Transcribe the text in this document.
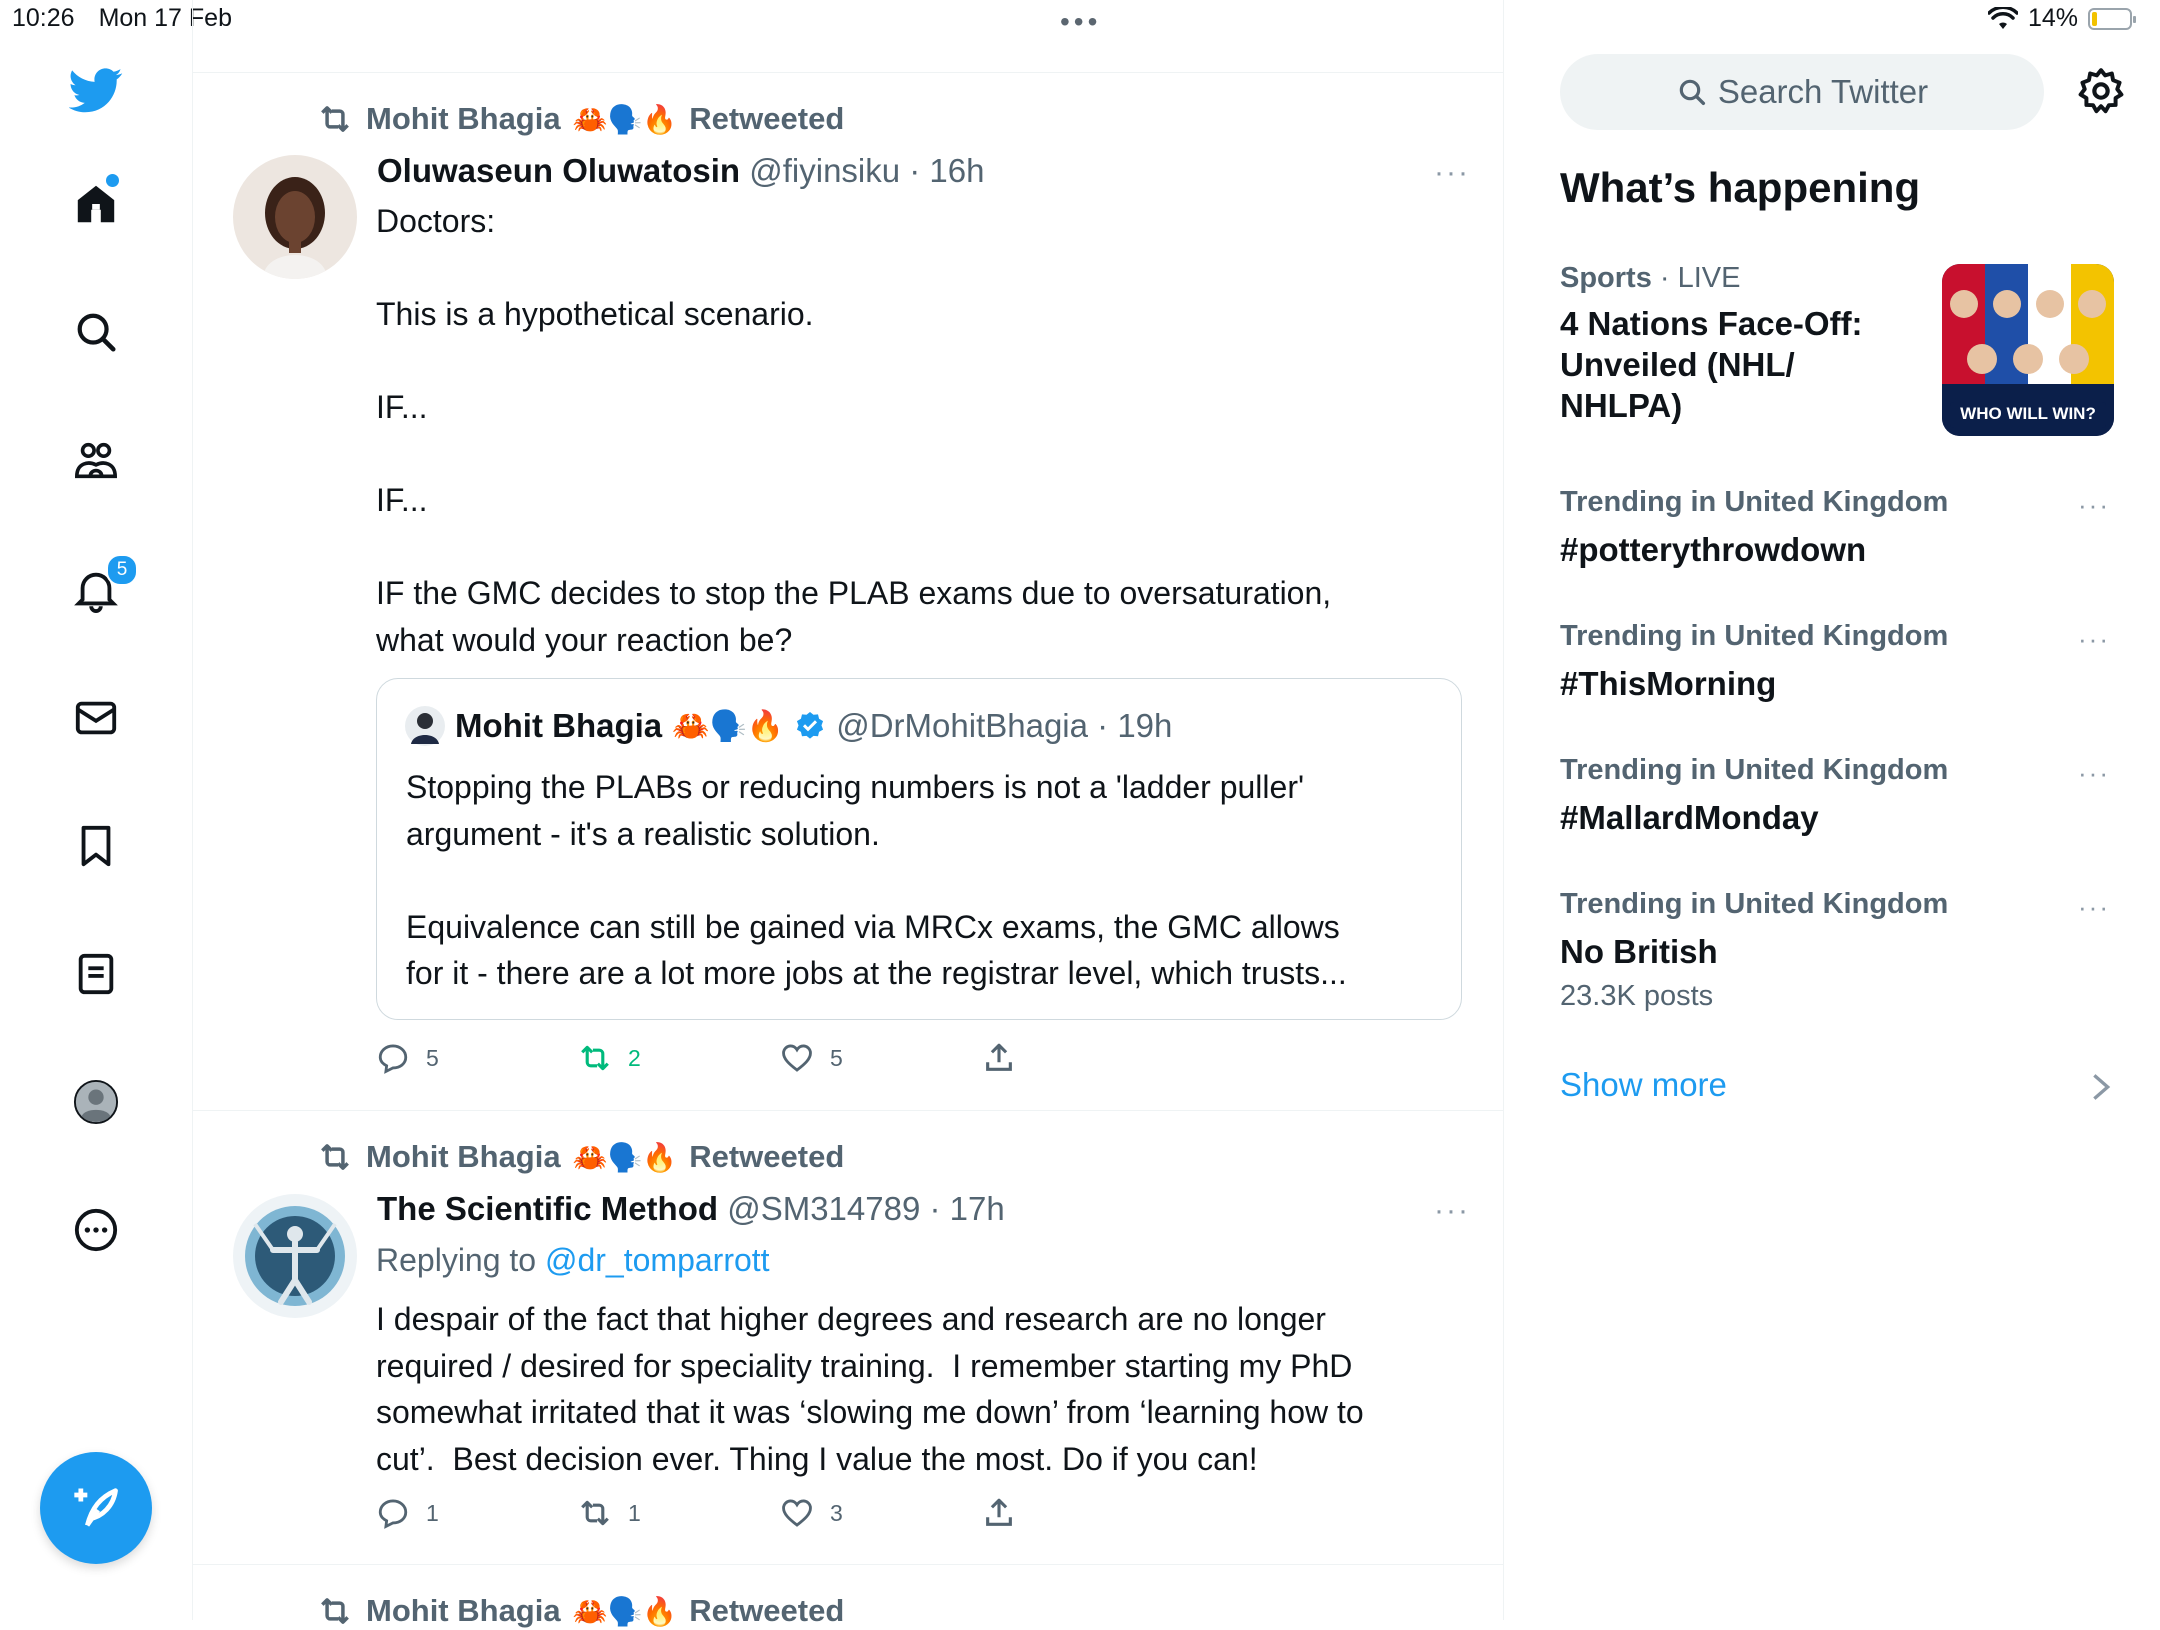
10:26 Mon 17 Feb	•••	14%
5
Mohit Bhagia 🦀🗣️🔥 Retweeted
Oluwaseun Oluwatosin @fiyinsiku · 16h	···
Doctors:

This is a hypothetical scenario.

IF...

IF...

IF the GMC decides to stop the PLAB exams due to oversaturation,
what would your reaction be?
Mohit Bhagia 🦀🗣️🔥 @DrMohitBhagia · 19h
Stopping the PLABs or reducing numbers is not a 'ladder puller'
argument - it's a realistic solution.

Equivalence can still be gained via MRCx exams, the GMC allows
for it - there are a lot more jobs at the registrar level, which trusts...
5	2	5
Mohit Bhagia 🦀🗣️🔥 Retweeted
The Scientific Method @SM314789 · 17h	···
Replying to @dr_tomparrott
I despair of the fact that higher degrees and research are no longer
required / desired for speciality training.  I remember starting my PhD
somewhat irritated that it was ‘slowing me down’ from ‘learning how to
cut’.  Best decision ever. Thing I value the most. Do if you can!
1	1	3
Mohit Bhagia 🦀🗣️🔥 Retweeted
Search Twitter
What’s happening
Sports · LIVE
4 Nations Face-Off:
Unveiled (NHL/
NHLPA)	WHO WILL WIN?
Trending in United Kingdom
#potterythrowdown
···
Trending in United Kingdom
#ThisMorning
···
Trending in United Kingdom
#MallardMonday
···
Trending in United Kingdom
No British
23.3K posts
···
Show more
